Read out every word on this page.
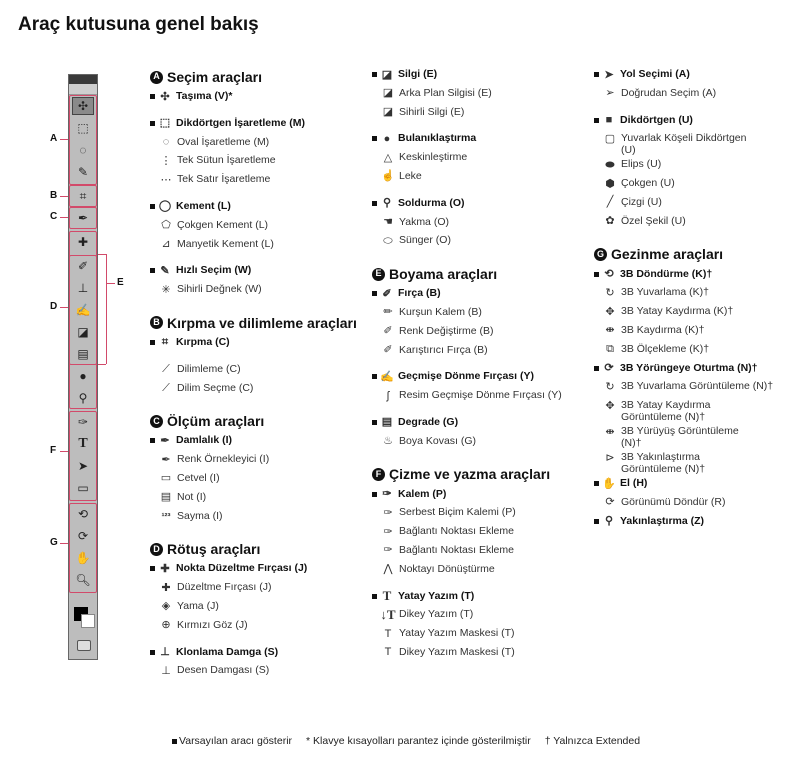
Araç kutusuna genel bakış
✣
⬚
◌
✎
⌗
✒
✚
✐
⊥
✍
◪
▤
●
⚲
✑
T
➤
▭
⟲
⟳
✋
🔍︎
A
B
C
D
E
F
G
A Seçim araçları
✣ Taşıma (V)*
⬚ Dikdörtgen İşaretleme (M)
◌ Oval İşaretleme (M)
⋮ Tek Sütun İşaretleme
⋯ Tek Satır İşaretleme
◯ Kement (L)
⬠ Çokgen Kement (L)
⊿ Manyetik Kement (L)
✎ Hızlı Seçim (W)
✳ Sihirli Değnek (W)
B Kırpma ve dilimleme araçları
⌗ Kırpma (C)
⟋ Dilimleme (C)
⟋ Dilim Seçme (C)
C Ölçüm araçları
✒ Damlalık (I)
✒ Renk Örnekleyici (I)
▭ Cetvel (I)
▤ Not (I)
¹²³ Sayma (I)
D Rötuş araçları
✚ Nokta Düzeltme Fırçası (J)
✚ Düzeltme Fırçası (J)
◈ Yama (J)
⊕ Kırmızı Göz (J)
⊥ Klonlama Damga (S)
⊥ Desen Damgası (S)
◪ Silgi (E)
◪ Arka Plan Silgisi (E)
◪ Sihirli Silgi (E)
● Bulanıklaştırma
△ Keskinleştirme
☝ Leke
⚲ Soldurma (O)
☚ Yakma (O)
⬭ Sünger (O)
E Boyama araçları
✐ Fırça (B)
✏ Kurşun Kalem (B)
✐ Renk Değiştirme (B)
✐ Karıştırıcı Fırça (B)
✍ Geçmişe Dönme Fırçası (Y)
ʃ Resim Geçmişe Dönme Fırçası (Y)
▤ Degrade (G)
♨ Boya Kovası (G)
F Çizme ve yazma araçları
✑ Kalem (P)
✑ Serbest Biçim Kalemi (P)
✑ Bağlantı Noktası Ekleme
✑ Bağlantı Noktası Ekleme
⋀ Noktayı Dönüştürme
T Yatay Yazım (T)
↓T Dikey Yazım (T)
T Yatay Yazım Maskesi (T)
T Dikey Yazım Maskesi (T)
➤ Yol Seçimi (A)
➢ Doğrudan Seçim (A)
■ Dikdörtgen (U)
▢ Yuvarlak Köşeli Dikdörtgen (U)
⬬ Elips (U)
⬢ Çokgen (U)
╱ Çizgi (U)
✿ Özel Şekil (U)
G Gezinme araçları
⟲ 3B Döndürme (K)†
↻ 3B Yuvarlama (K)†
✥ 3B Yatay Kaydırma (K)†
⇼ 3B Kaydırma (K)†
⧉ 3B Ölçekleme (K)†
⟳ 3B Yörüngeye Oturtma (N)†
↻ 3B Yuvarlama Görüntüleme (N)†
✥ 3B Yatay Kaydırma Görüntüleme (N)†
⇼ 3B Yürüyüş Görüntüleme (N)†
⊳ 3B Yakınlaştırma Görüntüleme (N)†
✋ El (H)
⟳ Görünümü Döndür (R)
⚲ Yakınlaştırma (Z)
Varsayılan aracı gösterir * Klavye kısayolları parantez içinde gösterilmiştir † Yalnızca Extended
